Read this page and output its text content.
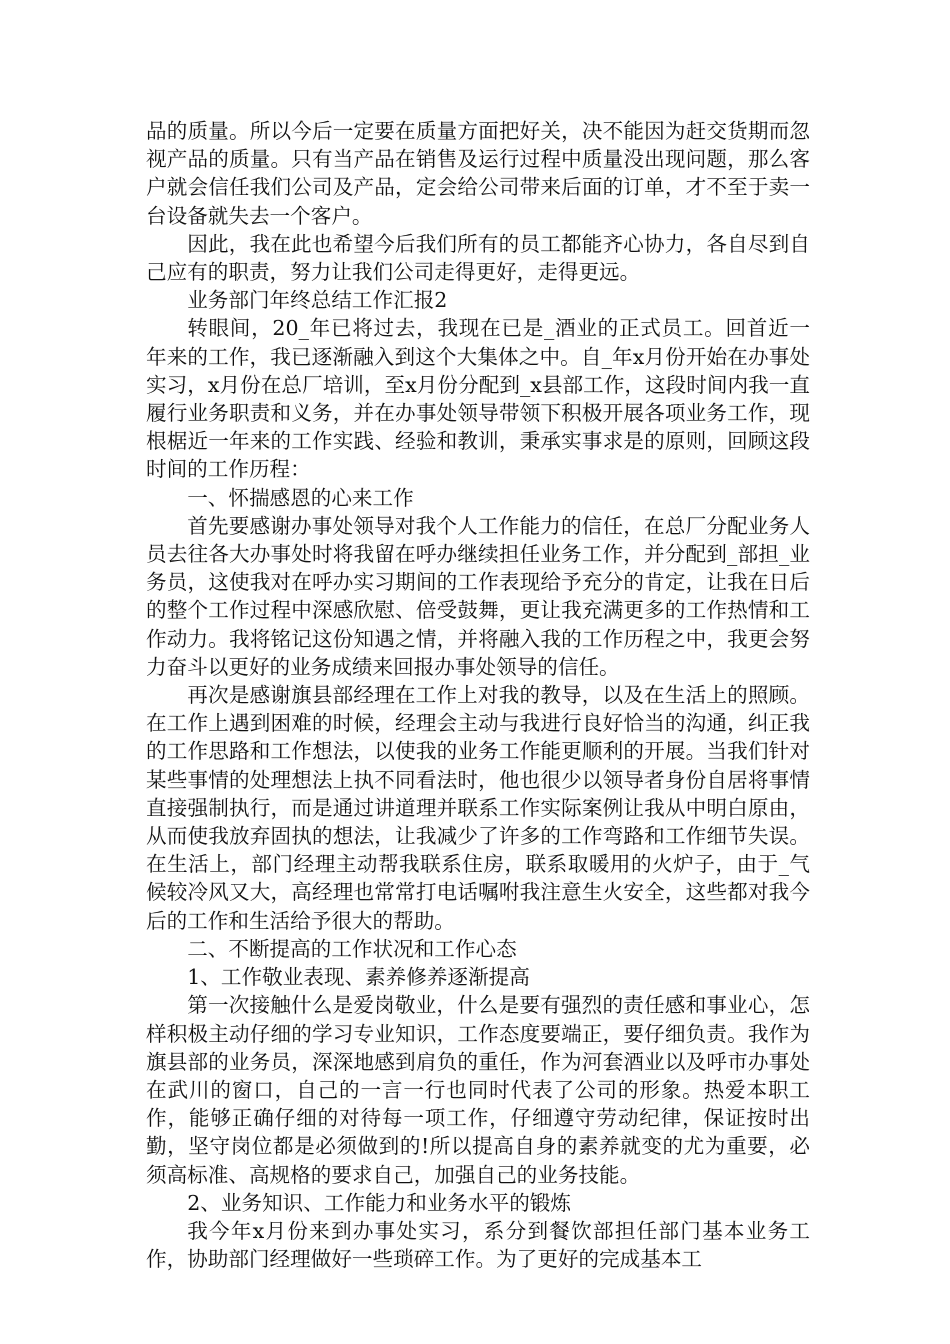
品的质量。所以今后一定要在质量方面把好关，决不能因为赶交货期而忽视产品的质量。只有当产品在销售及运行过程中质量没出现问题，那么客户就会信任我们公司及产品，定会给公司带来后面的订单，才不至于卖一台设备就失去一个客户。

因此，我在此也希望今后我们所有的员工都能齐心协力，各自尽到自己应有的职责，努力让我们公司走得更好，走得更远。

业务部门年终总结工作汇报2

转眼间，20_年已将过去，我现在已是_酒业的正式员工。回首近一年来的工作，我已逐渐融入到这个大集体之中。自_年x月份开始在办事处实习，x月份在总厂培训，至x月份分配到_x县部工作，这段时间内我一直履行业务职责和义务，并在办事处领导带领下积极开展各项业务工作，现根椐近一年来的工作实践、经验和教训，秉承实事求是的原则，回顾这段时间的工作历程：

一、怀揣感恩的心来工作

首先要感谢办事处领导对我个人工作能力的信任，在总厂分配业务人员去往各大办事处时将我留在呼办继续担任业务工作，并分配到_部担_业务员，这使我对在呼办实习期间的工作表现给予充分的肯定，让我在日后的整个工作过程中深感欣慰、倍受鼓舞，更让我充满更多的工作热情和工作动力。我将铭记这份知遇之情，并将融入我的工作历程之中，我更会努力奋斗以更好的业务成绩来回报办事处领导的信任。

再次是感谢旗县部经理在工作上对我的教导，以及在生活上的照顾。在工作上遇到困难的时候，经理会主动与我进行良好恰当的沟通，纠正我的工作思路和工作想法，以使我的业务工作能更顺利的开展。当我们针对某些事情的处理想法上执不同看法时，他也很少以领导者身份自居将事情直接强制执行，而是通过讲道理并联系工作实际案例让我从中明白原由，从而使我放弃固执的想法，让我减少了许多的工作弯路和工作细节失误。在生活上，部门经理主动帮我联系住房，联系取暖用的火炉子，由于_气候较冷风又大，高经理也常常打电话嘱咐我注意生火安全，这些都对我今后的工作和生活给予很大的帮助。

二、不断提高的工作状况和工作心态

1、工作敬业表现、素养修养逐渐提高

第一次接触什么是爱岗敬业，什么是要有强烈的责任感和事业心，怎样积极主动仔细的学习专业知识，工作态度要端正，要仔细负责。我作为旗县部的业务员，深深地感到肩负的重任，作为河套酒业以及呼市办事处在武川的窗口，自己的一言一行也同时代表了公司的形象。热爱本职工作，能够正确仔细的对待每一项工作，仔细遵守劳动纪律，保证按时出勤，坚守岗位都是必须做到的!所以提高自身的素养就变的尤为重要，必须高标准、高规格的要求自己，加强自己的业务技能。

2、业务知识、工作能力和业务水平的锻炼

我今年x月份来到办事处实习，系分到餐饮部担任部门基本业务工作，协助部门经理做好一些琐碎工作。为了更好的完成基本工
